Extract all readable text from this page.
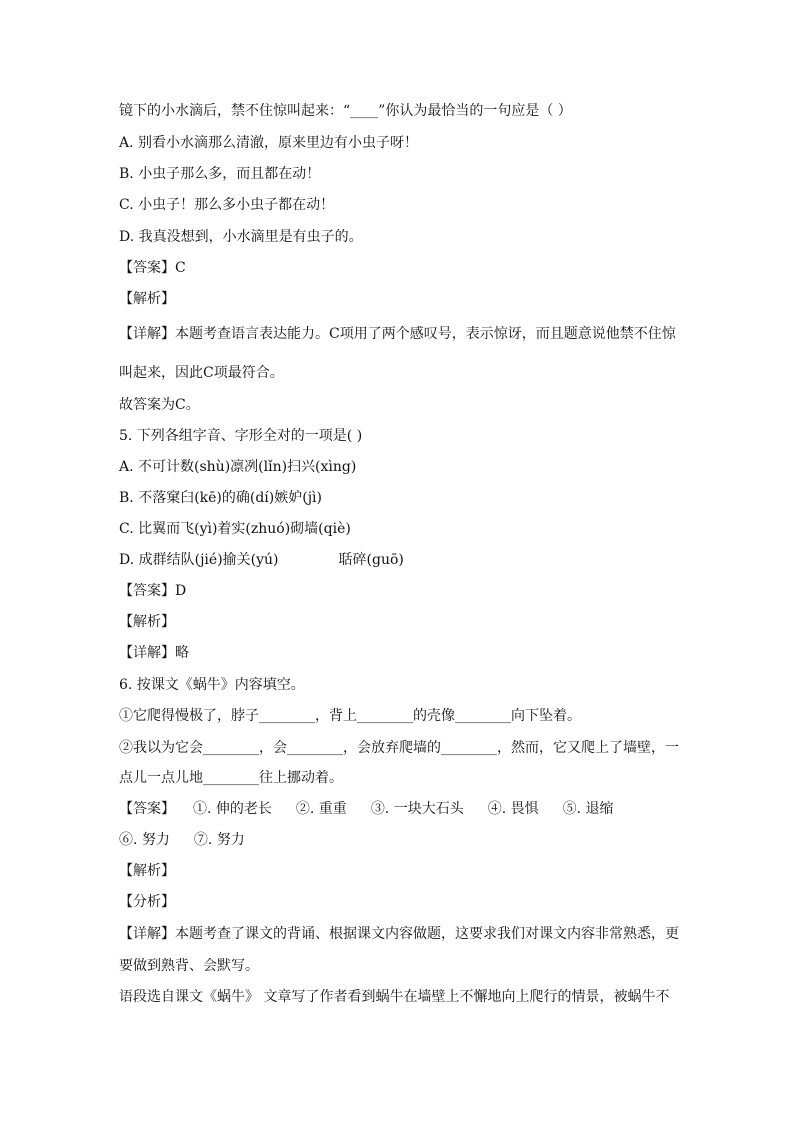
镜下的小水滴后，禁不住惊叫起来：“____”你认为最恰当的一句应是（ ）
A. 别看小水滴那么清澈，原来里边有小虫子呀！
B. 小虫子那么多，而且都在动！
C. 小虫子！那么多小虫子都在动！
D. 我真没想到，小水滴里是有虫子的。
【答案】C
【解析】
【详解】本题考查语言表达能力。C项用了两个感叹号，表示惊讶，而且题意说他禁不住惊
叫起来，因此C项最符合。
故答案为C。
5. 下列各组字音、字形全对的一项是( )
A. 不可计数(shù)凛冽(lǐn)扫兴(xìng)
B. 不落窠臼(kē)的确(dí)嫉妒(jì)
C. 比翼而飞(yì)着实(zhuó)砌墙(qiè)
D. 成群结队(jié)揄关(yú)	聒碎(guō)
【答案】D
【解析】
【详解】略
6. 按课文《蜗牛》内容填空。
①它爬得慢极了，脖子________，背上________的壳像________向下坠着。
②我以为它会________，会________，会放弃爬墙的________，然而，它又爬上了墙壁，一
点儿一点儿地________往上挪动着。
【答案】 ①. 伸的老长 ②. 重重 ③. 一块大石头 ④. 畏惧 ⑤. 退缩
⑥. 努力 ⑦. 努力
【解析】
【分析】
【详解】本题考查了课文的背诵、根据课文内容做题，这要求我们对课文内容非常熟悉，更
要做到熟背、会默写。
语段选自课文《蜗牛》 文章写了作者看到蜗牛在墙壁上不懈地向上爬行的情景，被蜗牛不
